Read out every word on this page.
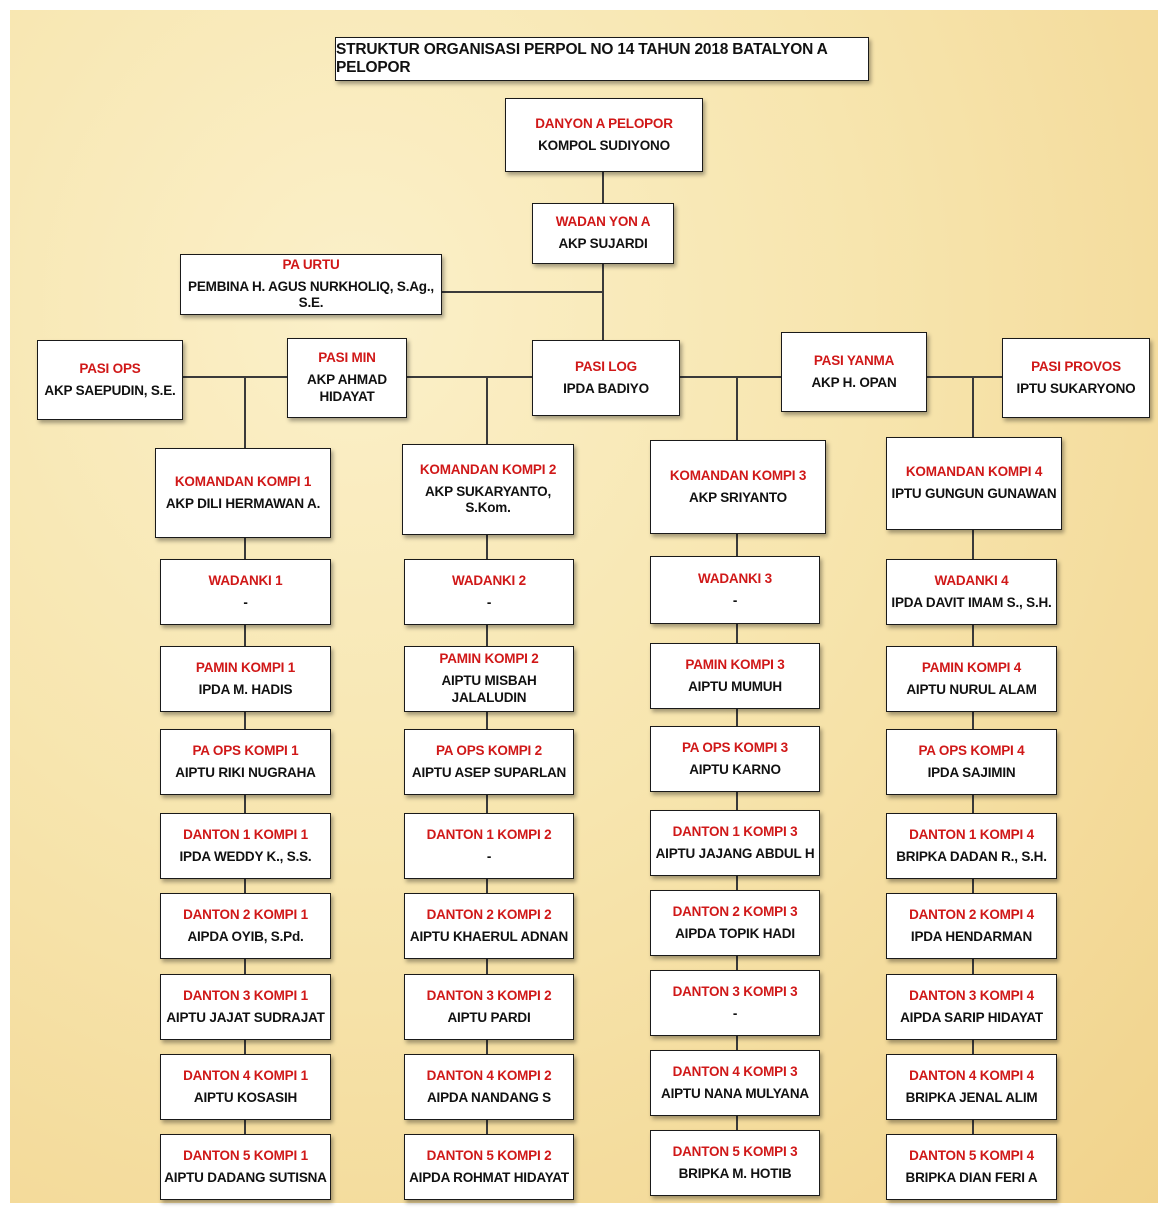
STRUKTUR ORGANISASI PERPOL NO 14 TAHUN 2018 BATALYON A PELOPOR
DANYON A PELOPOR
KOMPOL SUDIYONO
WADAN YON A
AKP SUJARDI
PA URTU
PEMBINA H. AGUS NURKHOLIQ, S.Ag., S.E.
PASI OPS
AKP SAEPUDIN, S.E.
PASI MIN
AKP AHMAD HIDAYAT
PASI LOG
IPDA BADIYO
PASI YANMA
AKP H. OPAN
PASI PROVOS
IPTU SUKARYONO
KOMANDAN KOMPI 1
AKP DILI HERMAWAN A.
WADANKI 1
-
PAMIN KOMPI 1
IPDA M. HADIS
PA OPS KOMPI 1
AIPTU RIKI NUGRAHA
DANTON 1 KOMPI 1
IPDA WEDDY K., S.S.
DANTON 2 KOMPI 1
AIPDA OYIB, S.Pd.
DANTON 3 KOMPI 1
AIPTU JAJAT SUDRAJAT
DANTON 4 KOMPI 1
AIPTU KOSASIH
DANTON 5 KOMPI 1
AIPTU DADANG SUTISNA
KOMANDAN KOMPI 2
AKP SUKARYANTO, S.Kom.
WADANKI 2
-
PAMIN KOMPI 2
AIPTU MISBAH JALALUDIN
PA OPS KOMPI 2
AIPTU ASEP SUPARLAN
DANTON 1 KOMPI 2
-
DANTON 2 KOMPI 2
AIPTU KHAERUL ADNAN
DANTON 3 KOMPI 2
AIPTU PARDI
DANTON 4 KOMPI 2
AIPDA NANDANG S
DANTON 5 KOMPI 2
AIPDA ROHMAT HIDAYAT
KOMANDAN KOMPI 3
AKP SRIYANTO
WADANKI 3
-
PAMIN KOMPI 3
AIPTU MUMUH
PA OPS KOMPI 3
AIPTU KARNO
DANTON 1 KOMPI 3
AIPTU JAJANG ABDUL H
DANTON 2 KOMPI 3
AIPDA TOPIK HADI
DANTON 3 KOMPI 3
-
DANTON 4 KOMPI 3
AIPTU NANA MULYANA
DANTON 5 KOMPI 3
BRIPKA M. HOTIB
KOMANDAN KOMPI 4
IPTU GUNGUN GUNAWAN
WADANKI 4
IPDA DAVIT IMAM S., S.H.
PAMIN KOMPI 4
AIPTU NURUL ALAM
PA OPS KOMPI 4
IPDA SAJIMIN
DANTON 1 KOMPI 4
BRIPKA DADAN R., S.H.
DANTON 2 KOMPI 4
IPDA HENDARMAN
DANTON 3 KOMPI 4
AIPDA SARIP HIDAYAT
DANTON 4 KOMPI 4
BRIPKA JENAL ALIM
DANTON 5 KOMPI 4
BRIPKA DIAN FERI A
